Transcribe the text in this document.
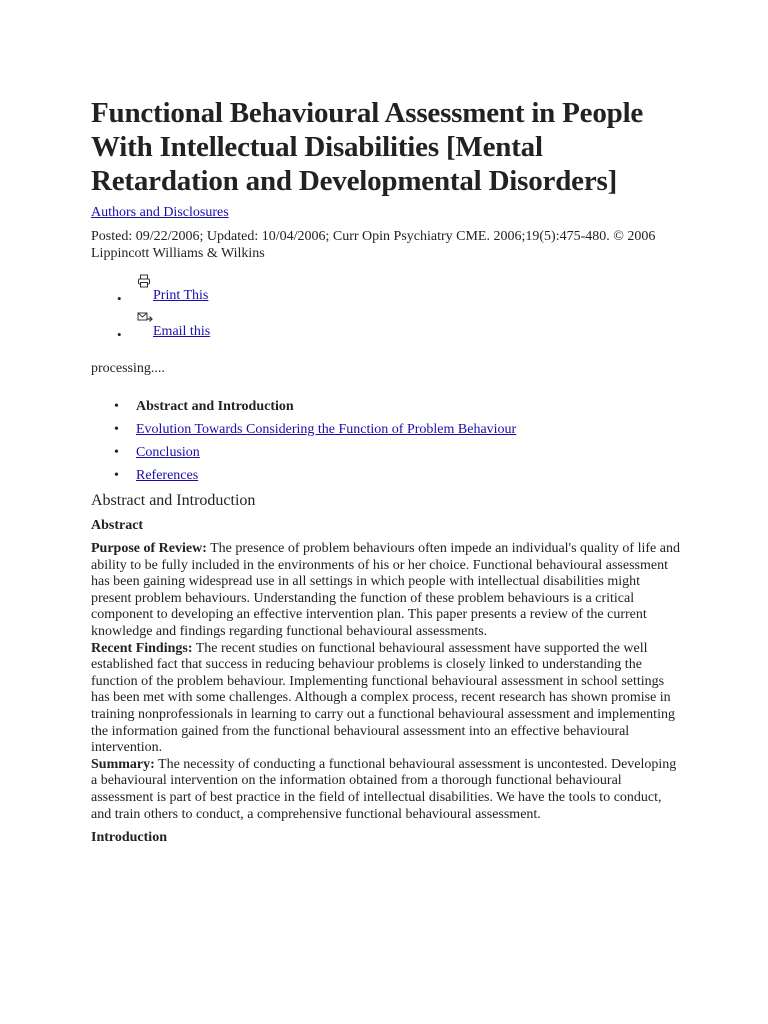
Functional Behavioural Assessment in People With Intellectual Disabilities [Mental Retardation and Developmental Disorders]
Authors and Disclosures
Posted: 09/22/2006; Updated: 10/04/2006; Curr Opin Psychiatry CME. 2006;19(5):475-480. © 2006 Lippincott Williams & Wilkins
• Print This
• Email this
processing....
• Abstract and Introduction
• Evolution Towards Considering the Function of Problem Behaviour
• Conclusion
• References
Abstract and Introduction
Abstract

Purpose of Review: The presence of problem behaviours often impede an individual's quality of life and ability to be fully included in the environments of his or her choice. Functional behavioural assessment has been gaining widespread use in all settings in which people with intellectual disabilities might present problem behaviours. Understanding the function of these problem behaviours is a critical component to developing an effective intervention plan. This paper presents a review of the current knowledge and findings regarding functional behavioural assessments.

Recent Findings: The recent studies on functional behavioural assessment have supported the well established fact that success in reducing behaviour problems is closely linked to understanding the function of the problem behaviour. Implementing functional behavioural assessment in school settings has been met with some challenges. Although a complex process, recent research has shown promise in training nonprofessionals in learning to carry out a functional behavioural assessment and implementing the information gained from the functional behavioural assessment into an effective behavioural intervention.

Summary: The necessity of conducting a functional behavioural assessment is uncontested. Developing a behavioural intervention on the information obtained from a thorough functional behavioural assessment is part of best practice in the field of intellectual disabilities. We have the tools to conduct, and train others to conduct, a comprehensive functional behavioural assessment.

Introduction
